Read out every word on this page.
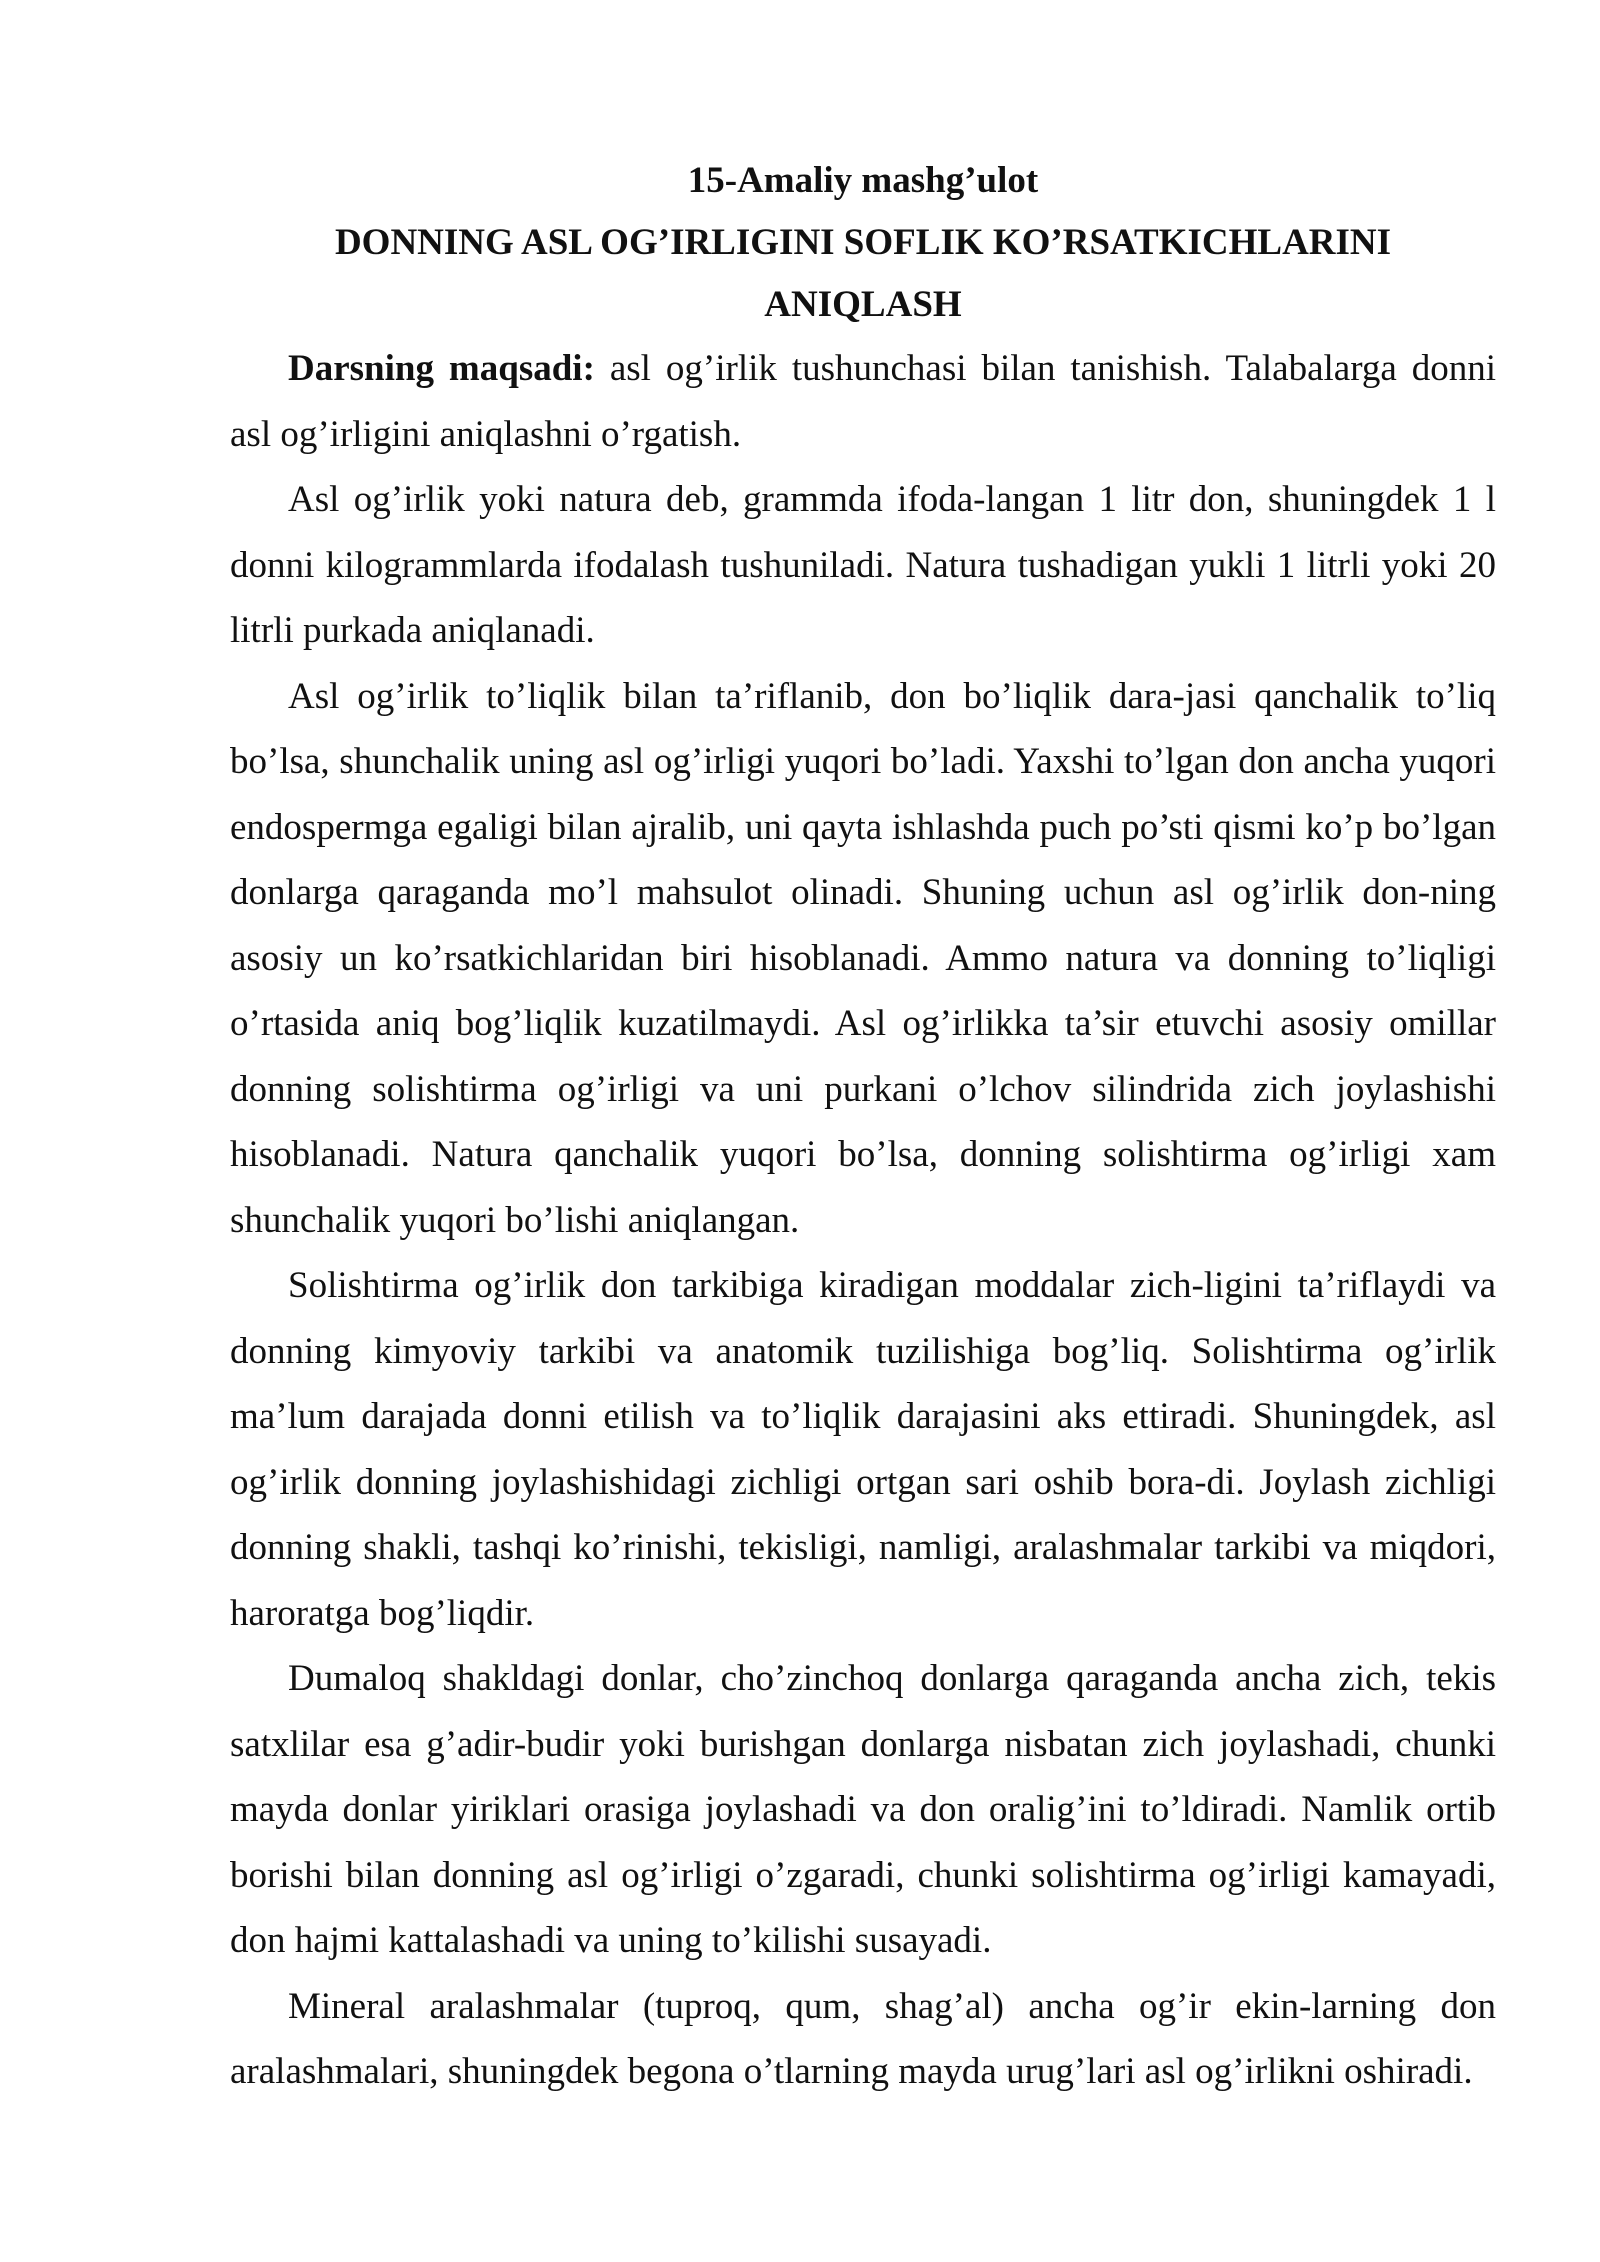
15-Amaliy mashg’ulot

DONNING ASL OG’IRLIGINI SOFLIK KO’RSATKICHLARINI ANIQLASH

Darsning maqsadi: asl og’irlik tushunchasi bilan tanishish. Talabalarga donni asl og’irligini aniqlashni o’rgatish.

Asl og’irlik yoki natura deb, grammda ifoda-langan 1 litr don, shuningdek 1 l donni kilogrammlarda ifodalash tushuniladi. Natura tushadigan yukli 1 litrli yoki 20 litrli purkada aniqlanadi.

Asl og’irlik to’liqlik bilan ta’riflanib, don bo’liqlik dara-jasi qanchalik to’liq bo’lsa, shunchalik uning asl og’irligi yuqori bo’ladi. Yaxshi to’lgan don ancha yuqori endospermga egaligi bilan ajralib, uni qayta ishlashda puch po’sti qismi ko’p bo’lgan donlarga qaraganda mo’l mahsulot olinadi. Shuning uchun asl og’irlik don-ning asosiy un ko’rsatkichlaridan biri hisoblanadi. Ammo natura va donning to’liqligi o’rtasida aniq bog’liqlik kuzatilmaydi. Asl og’irlikka ta’sir etuvchi asosiy omillar donning solishtirma og’irligi va uni purkani o’lchov silindrida zich joylashishi hisoblanadi. Natura qanchalik yuqori bo’lsa, donning solishtirma og’irligi xam shunchalik yuqori bo’lishi aniqlangan.

Solishtirma og’irlik don tarkibiga kiradigan moddalar zich-ligini ta’riflaydi va donning kimyoviy tarkibi va anatomik tuzilishiga bog’liq. Solishtirma og’irlik ma’lum darajada donni etilish va to’liqlik darajasini aks ettiradi. Shuningdek, asl og’irlik donning joylashishidagi zichligi ortgan sari oshib bora-di. Joylash zichligi donning shakli, tashqi ko’rinishi, tekisligi, namligi, aralashmalar tarkibi va miqdori, haroratga bog’liqdir.

Dumaloq shakldagi donlar, cho’zinchoq donlarga qaraganda ancha zich, tekis satxlilar esa g’adir-budir yoki burishgan donlarga nisbatan zich joylashadi, chunki mayda donlar yiriklari orasiga joylashadi va don oralig’ini to’ldiradi. Namlik ortib borishi bilan donning asl og’irligi o’zgaradi, chunki solishtirma og’irligi kamayadi, don hajmi kattalashadi va uning to’kilishi susayadi.

Mineral aralashmalar (tuproq, qum, shag’al) ancha og’ir ekin-larning don aralashmalari, shuningdek begona o’tlarning mayda urug’lari asl og’irlikni oshiradi.
